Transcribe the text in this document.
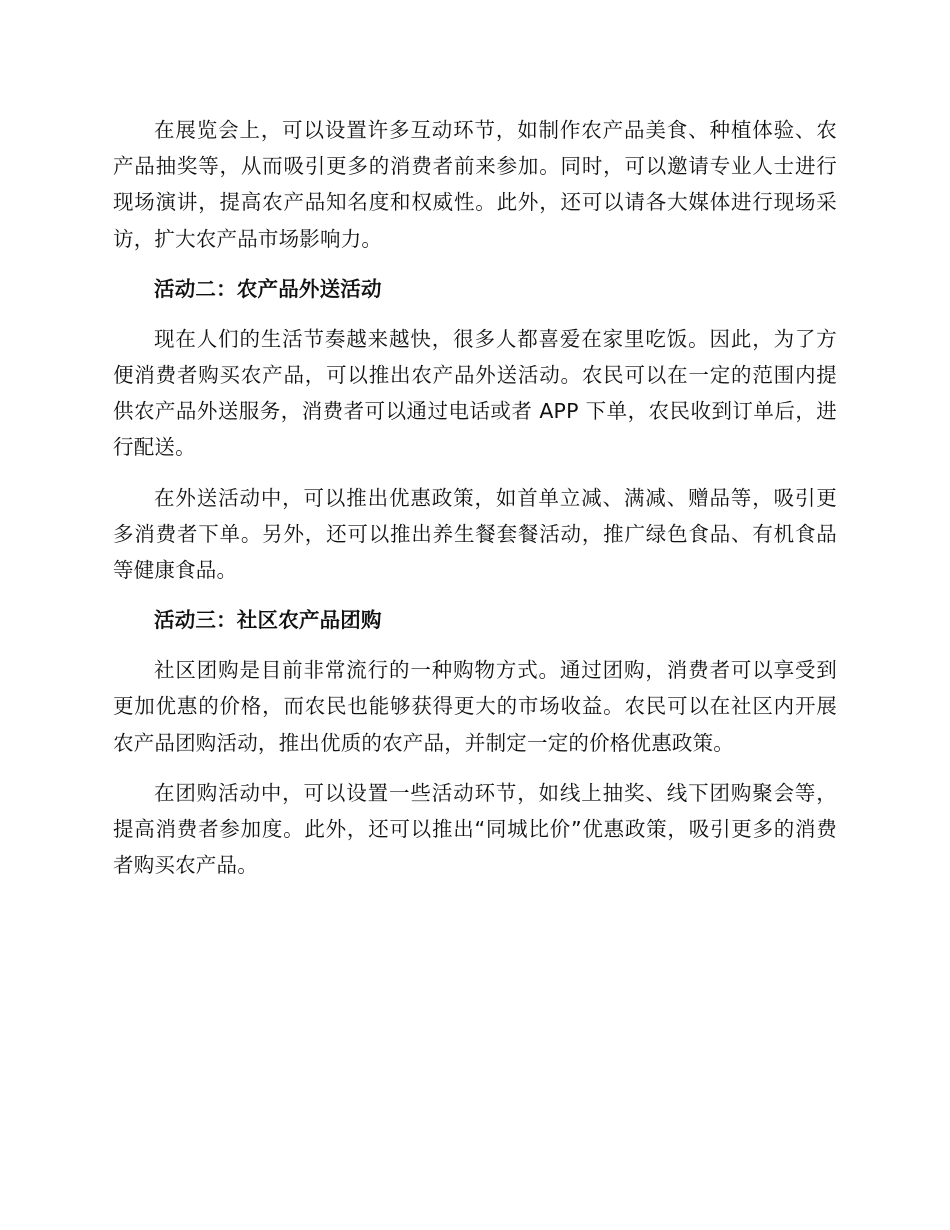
在展览会上，可以设置许多互动环节，如制作农产品美食、种植体验、农产品抽奖等，从而吸引更多的消费者前来参加。同时，可以邀请专业人士进行现场演讲，提高农产品知名度和权威性。此外，还可以请各大媒体进行现场采访，扩大农产品市场影响力。

活动二：农产品外送活动

现在人们的生活节奏越来越快，很多人都喜爱在家里吃饭。因此，为了方便消费者购买农产品，可以推出农产品外送活动。农民可以在一定的范围内提供农产品外送服务，消费者可以通过电话或者 APP 下单，农民收到订单后，进行配送。

在外送活动中，可以推出优惠政策，如首单立减、满减、赠品等，吸引更多消费者下单。另外，还可以推出养生餐套餐活动，推广绿色食品、有机食品等健康食品。

活动三：社区农产品团购

社区团购是目前非常流行的一种购物方式。通过团购，消费者可以享受到更加优惠的价格，而农民也能够获得更大的市场收益。农民可以在社区内开展农产品团购活动，推出优质的农产品，并制定一定的价格优惠政策。

在团购活动中，可以设置一些活动环节，如线上抽奖、线下团购聚会等，提高消费者参加度。此外，还可以推出“同城比价”优惠政策，吸引更多的消费者购买农产品。
